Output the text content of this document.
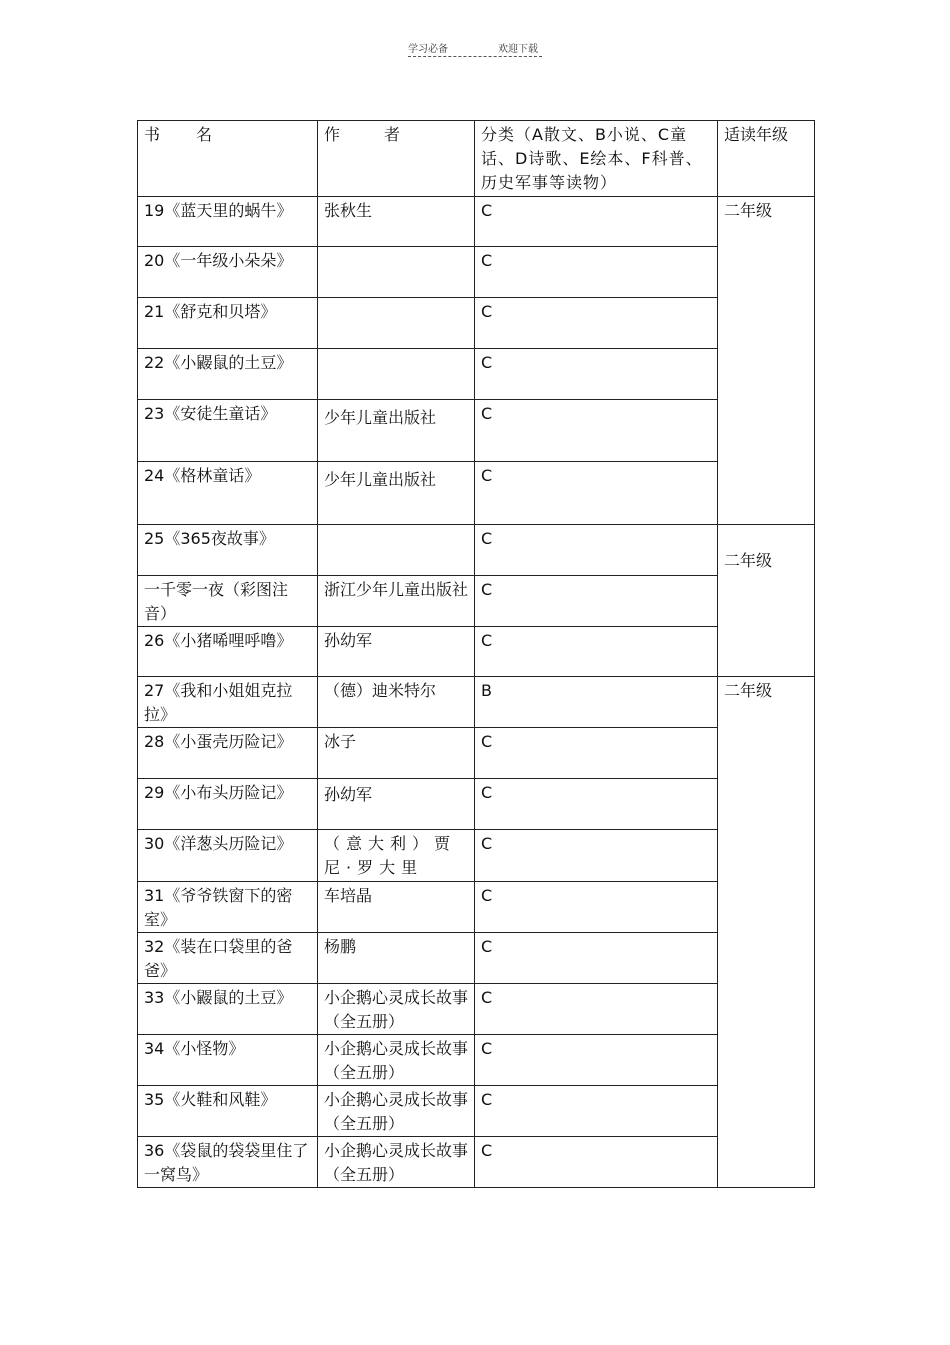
学习必备	欢迎下载
书名	作者	分类（A散文、B小说、C童话、D诗歌、E绘本、F科普、历史军事等读物）	适读年级
19《蓝天里的蜗牛》	张秋生	C	二年级
20《一年级小朵朵》		C	
21《舒克和贝塔》		C	
22《小鼹鼠的土豆》		C	
23《安徒生童话》	少年儿童出版社	C	
24《格林童话》	少年儿童出版社	C	
25《365夜故事》		C	二年级
一千零一夜（彩图注音）	浙江少年儿童出版社	C	
26《小猪唏哩呼噜》	孙幼军	C	
27《我和小姐姐克拉拉》	（德）迪米特尔	B	二年级
28《小蛋壳历险记》	冰子	C	
29《小布头历险记》	孙幼军	C	
30《洋葱头历险记》	（意大利）贾尼·罗大里	C	
31《爷爷铁窗下的密室》	车培晶	C	
32《装在口袋里的爸爸》	杨鹏	C	
33《小鼹鼠的土豆》	小企鹅心灵成长故事（全五册）	C	
34《小怪物》	小企鹅心灵成长故事（全五册）	C	
35《火鞋和风鞋》	小企鹅心灵成长故事（全五册）	C	
36《袋鼠的袋袋里住了一窝鸟》	小企鹅心灵成长故事（全五册）	C	
